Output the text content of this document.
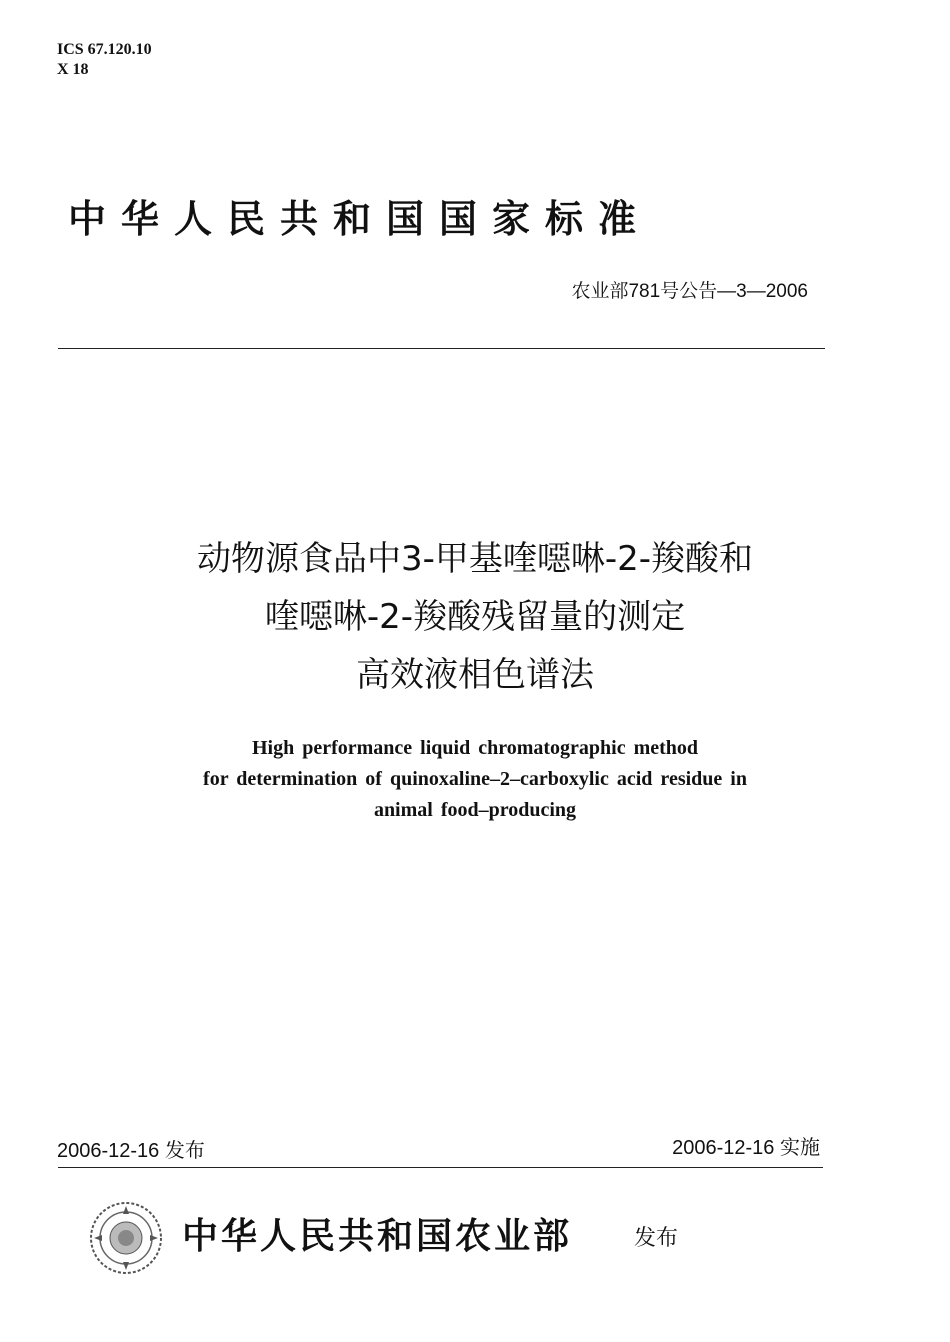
ICS 67.120.10
X 18
中华人民共和国国家标准
农业部781号公告—3—2006
动物源食品中3-甲基喹噁啉-2-羧酸和
喹噁啉-2-羧酸残留量的测定
高效液相色谱法
High performance liquid chromatographic method
for determination of quinoxaline–2–carboxylic acid residue in
animal food–producing
2006-12-16 发布	2006-12-16 实施
中华人民共和国农业部	发布
